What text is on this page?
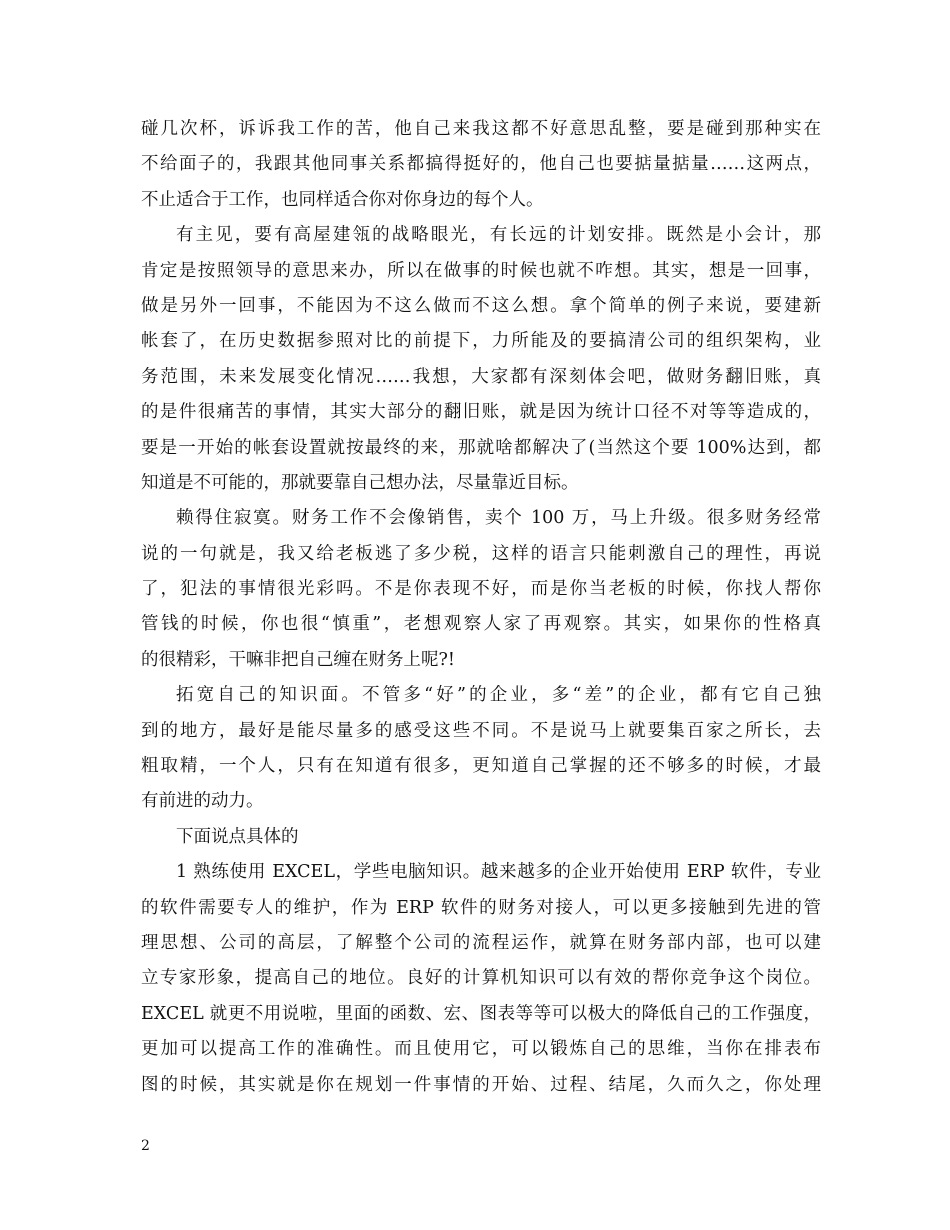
碰几次杯，诉诉我工作的苦，他自己来我这都不好意思乱整，要是碰到那种实在
不给面子的，我跟其他同事关系都搞得挺好的，他自己也要掂量掂量……这两点，
不止适合于工作，也同样适合你对你身边的每个人。
有主见，要有高屋建瓴的战略眼光，有长远的计划安排。既然是小会计，那
肯定是按照领导的意思来办，所以在做事的时候也就不咋想。其实，想是一回事，
做是另外一回事，不能因为不这么做而不这么想。拿个简单的例子来说，要建新
帐套了，在历史数据参照对比的前提下，力所能及的要搞清公司的组织架构，业
务范围，未来发展变化情况……我想，大家都有深刻体会吧，做财务翻旧账，真
的是件很痛苦的事情，其实大部分的翻旧账，就是因为统计口径不对等等造成的，
要是一开始的帐套设置就按最终的来，那就啥都解决了(当然这个要 100%达到，都
知道是不可能的，那就要靠自己想办法，尽量靠近目标。
赖得住寂寞。财务工作不会像销售，卖个 100 万，马上升级。很多财务经常
说的一句就是，我又给老板逃了多少税，这样的语言只能刺激自己的理性，再说
了，犯法的事情很光彩吗。不是你表现不好，而是你当老板的时候，你找人帮你
管钱的时候，你也很“慎重”，老想观察人家了再观察。其实，如果你的性格真
的很精彩，干嘛非把自己缠在财务上呢?!
拓宽自己的知识面。不管多“好”的企业，多“差”的企业，都有它自己独
到的地方，最好是能尽量多的感受这些不同。不是说马上就要集百家之所长，去
粗取精，一个人，只有在知道有很多，更知道自己掌握的还不够多的时候，才最
有前进的动力。
下面说点具体的
1 熟练使用 EXCEL，学些电脑知识。越来越多的企业开始使用 ERP 软件，专业
的软件需要专人的维护，作为 ERP 软件的财务对接人，可以更多接触到先进的管
理思想、公司的高层，了解整个公司的流程运作，就算在财务部内部，也可以建
立专家形象，提高自己的地位。良好的计算机知识可以有效的帮你竞争这个岗位。
EXCEL 就更不用说啦，里面的函数、宏、图表等等可以极大的降低自己的工作强度，
更加可以提高工作的准确性。而且使用它，可以锻炼自己的思维，当你在排表布
图的时候，其实就是你在规划一件事情的开始、过程、结尾，久而久之，你处理
2
